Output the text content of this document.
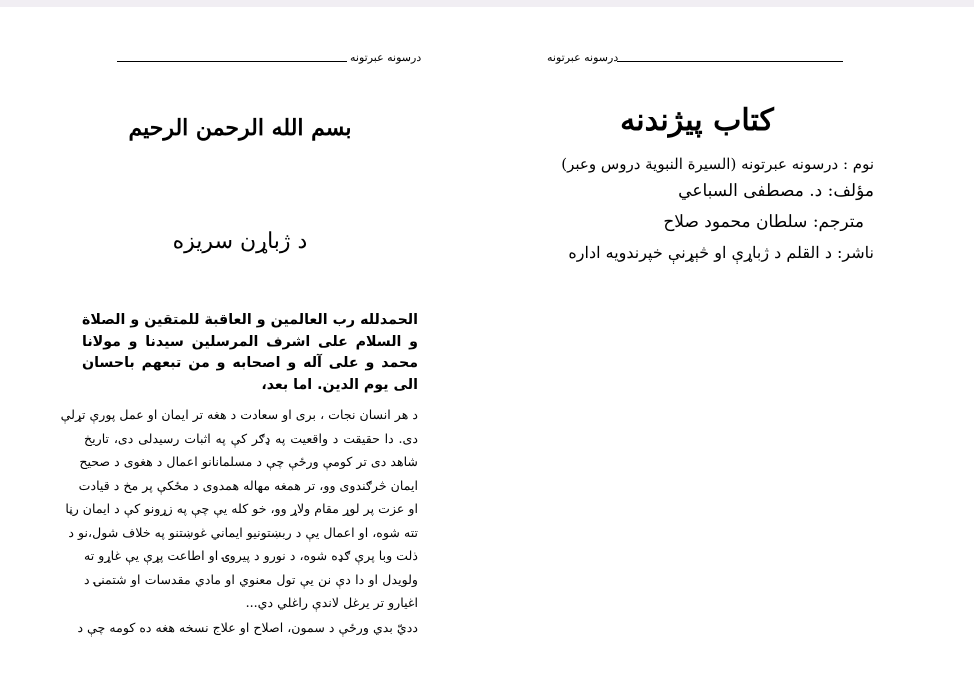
درسونه عبرتونه
بسم الله الرحمن الرحيم
د ژباړن سريزه
الحمدلله رب العالمين و العاقبة للمتقين و الصلاة و السلام على اشرف المرسلين سيدنا و مولانا محمد و على آله و اصحابه و من تبعهم باحسان الى يوم الدين. اما بعد،
د هر انسان نجات ، برى او سعادت د هغه تر ايمان او عمل پورې تړلې
دى. دا حقيقت د واقعيت په ډګر کې په اثبات رسيدلى دى، تاريخ
شاهد دى تر کومې ورځې چې د مسلمانانو اعمال د هغوى د صحيح
ايمان څرګندوى وو، تر همغه مهاله همدوى د مځکې پر مخ د قيادت
او عزت پر لوړ مقام ولاړ وو، خو کله يې چې په زړونو کې د ايمان رڼا
تته شوه، او اعمال يې د ربښتونيو ايماني غوښتنو په خلاف شول،نو د
ذلت وبا پرې ګډه شوه، د نورو د پيروۍ او اطاعت پړې يې غاړو ته
ولويدل او دا دې نن يې تول معنوي او مادي مقدسات او شتمنۍ د
اغيارو تر يرغل لاندې راغلي دي...
دديّ بدي ورځې د سمون، اصلاح او علاج نسخه هغه ده کومه چې د
درسونه عبرتونه
کتاب پيژندنه
نوم : درسونه عبرتونه (السيرة النبوية دروس وعبر)
مؤلف: د. مصطفى السباعي
مترجم: سلطان محمود صلاح
ناشر: د القلم د ژباړې او څېړنې خپرندويه اداره
